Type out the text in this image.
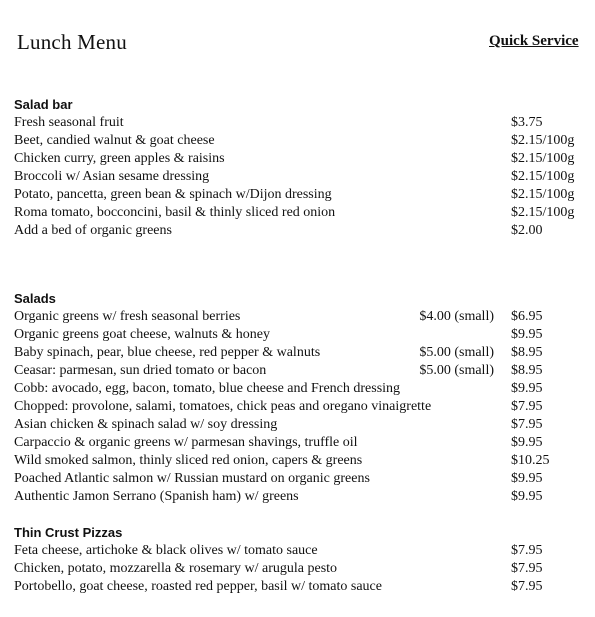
Lunch Menu	Quick Service
Salad bar
Fresh seasonal fruit	$3.75
Beet, candied walnut & goat cheese	$2.15/100g
Chicken curry, green apples & raisins	$2.15/100g
Broccoli w/ Asian sesame dressing	$2.15/100g
Potato, pancetta, green bean & spinach w/Dijon dressing	$2.15/100g
Roma tomato, bocconcini, basil & thinly sliced red onion	$2.15/100g
Add a bed of organic greens	$2.00
Salads
Organic greens w/ fresh seasonal berries	$4.00 (small) $6.95
Organic greens goat cheese, walnuts & honey	$9.95
Baby spinach, pear, blue cheese, red pepper & walnuts	$5.00 (small) $8.95
Ceasar: parmesan, sun dried tomato or bacon	$5.00 (small) $8.95
Cobb: avocado, egg, bacon, tomato, blue cheese and French dressing	$9.95
Chopped: provolone, salami, tomatoes, chick peas and oregano vinaigrette	$7.95
Asian chicken & spinach salad w/ soy dressing	$7.95
Carpaccio & organic greens w/ parmesan shavings, truffle oil	$9.95
Wild smoked salmon, thinly sliced red onion, capers & greens	$10.25
Poached Atlantic salmon w/ Russian mustard on organic greens	$9.95
Authentic Jamon Serrano (Spanish ham) w/ greens	$9.95
Thin Crust Pizzas
Feta cheese, artichoke & black olives w/ tomato sauce	$7.95
Chicken, potato, mozzarella & rosemary w/ arugula pesto	$7.95
Portobello, goat cheese, roasted red pepper, basil w/ tomato sauce	$7.95
